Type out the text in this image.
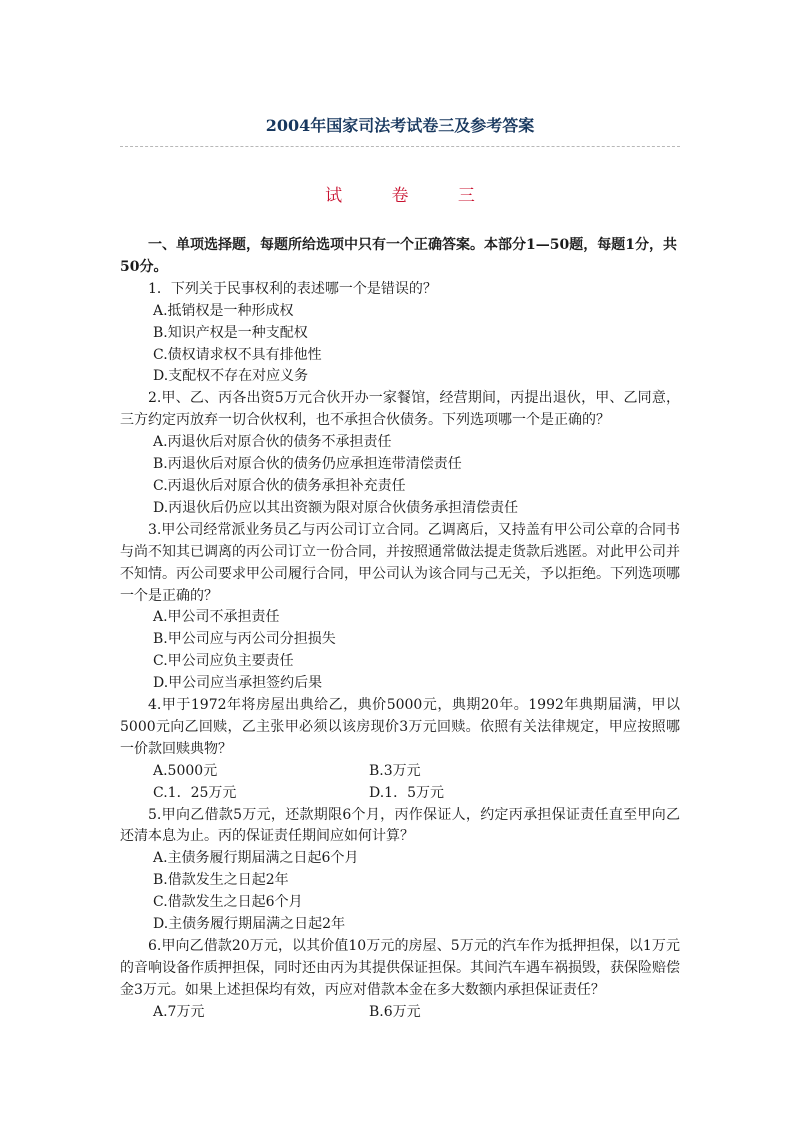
2004年国家司法考试卷三及参考答案
试 卷 三

一、单项选择题，每题所给选项中只有一个正确答案。本部分1—50题，每题1分，共50分。

1．下列关于民事权利的表述哪一个是错误的？

A.抵销权是一种形成权

B.知识产权是一种支配权

C.债权请求权不具有排他性

D.支配权不存在对应义务

2.甲、乙、丙各出资5万元合伙开办一家餐馆，经营期间，丙提出退伙，甲、乙同意，三方约定丙放弃一切合伙权利，也不承担合伙债务。下列选项哪一个是正确的？

A.丙退伙后对原合伙的债务不承担责任

B.丙退伙后对原合伙的债务仍应承担连带清偿责任

C.丙退伙后对原合伙的债务承担补充责任

D.丙退伙后仍应以其出资额为限对原合伙债务承担清偿责任

3.甲公司经常派业务员乙与丙公司订立合同。乙调离后，又持盖有甲公司公章的合同书与尚不知其已调离的丙公司订立一份合同，并按照通常做法提走货款后逃匿。对此甲公司并不知情。丙公司要求甲公司履行合同，甲公司认为该合同与己无关，予以拒绝。下列选项哪一个是正确的？

A.甲公司不承担责任

B.甲公司应与丙公司分担损失

C.甲公司应负主要责任

D.甲公司应当承担签约后果

4.甲于1972年将房屋出典给乙，典价5000元，典期20年。1992年典期届满，甲以5000元向乙回赎，乙主张甲必须以该房现价3万元回赎。依照有关法律规定，甲应按照哪一价款回赎典物？

A.5000元	B.3万元
C.1．25万元	D.1．5万元

5.甲向乙借款5万元，还款期限6个月，丙作保证人，约定丙承担保证责任直至甲向乙还清本息为止。丙的保证责任期间应如何计算？

A.主债务履行期届满之日起6个月

B.借款发生之日起2年

C.借款发生之日起6个月

D.主债务履行期届满之日起2年

6.甲向乙借款20万元，以其价值10万元的房屋、5万元的汽车作为抵押担保，以1万元的音响设备作质押担保，同时还由丙为其提供保证担保。其间汽车遇车祸损毁，获保险赔偿金3万元。如果上述担保均有效，丙应对借款本金在多大数额内承担保证责任？

A.7万元	B.6万元
